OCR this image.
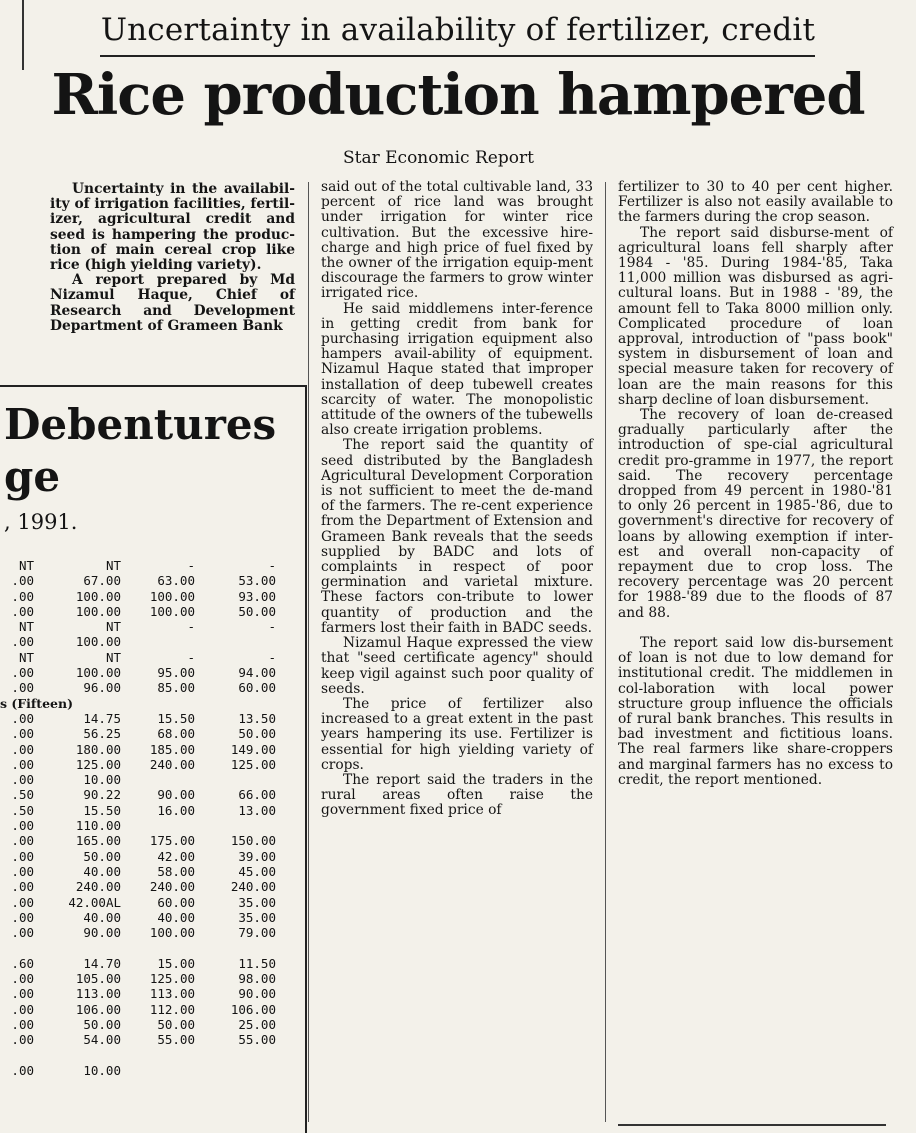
Uncertainty in availability of fertilizer, credit
Rice production hampered
Star Economic Report

Uncertainty in the availabil-ity of irrigation facilities, fertil-izer, agricultural credit and seed is hampering the produc-tion of main cereal crop like rice (high yielding variety).

A report prepared by Md Nizamul Haque, Chief of Research and Development Department of Grameen Bank

said out of the total cultivable land, 33 percent of rice land was brought under irrigation for winter rice cultivation. But the excessive hire-charge and high price of fuel fixed by the owner of the irrigation equip-ment discourage the farmers to grow winter irrigated rice.

He said middlemens inter-ference in getting credit from bank for purchasing irrigation equipment also hampers avail-ability of equipment. Nizamul Haque stated that improper installation of deep tubewell creates scarcity of water. The monopolistic attitude of the owners of the tubewells also create irrigation problems.

The report said the quantity of seed distributed by the Bangladesh Agricultural Development Corporation is not sufficient to meet the de-mand of the farmers. The re-cent experience from the Department of Extension and Grameen Bank reveals that the seeds supplied by BADC and lots of complaints in respect of poor germination and varietal mixture. These factors con-tribute to lower quantity of production and the farmers lost their faith in BADC seeds.

Nizamul Haque expressed the view that "seed certificate agency" should keep vigil against such poor quality of seeds.

The price of fertilizer also increased to a great extent in the past years hampering its use. Fertilizer is essential for high yielding variety of crops.

The report said the traders in the rural areas often raise the government fixed price of

fertilizer to 30 to 40 per cent higher. Fertilizer is also not easily available to the farmers during the crop season.

The report said disburse-ment of agricultural loans fell sharply after 1984 - '85. During 1984-'85, Taka 11,000 million was disbursed as agri-cultural loans. But in 1988 - '89, the amount fell to Taka 8000 million only. Complicated procedure of loan approval, introduction of "pass book" system in disbursement of loan and special measure taken for recovery of loan are the main reasons for this sharp decline of loan disbursement.

The recovery of loan de-creased gradually particularly after the introduction of spe-cial agricultural credit pro-gramme in 1977, the report said. The recovery percentage dropped from 49 percent in 1980-'81 to only 26 percent in 1985-'86, due to government's directive for recovery of loans by allowing exemption if inter-est and overall non-capacity of repayment due to crop loss. The recovery percentage was 20 percent for 1988-'89 due to the floods of 87 and 88.

The report said low dis-bursement of loan is not due to low demand for institutional credit. The middlemen in col-laboration with local power structure group influence the officials of rural bank branches. This results in bad investment and fictitious loans. The real farmers like share-croppers and marginal farmers has no excess to credit, the report mentioned.

Debentures
ge
, 1991.
NT	NT	-	-
.00	67.00	63.00	53.00
.00	100.00	100.00	93.00
.00	100.00	100.00	50.00
NT	NT	-	-
.00	100.00
NT	NT	-	-
.00	100.00	95.00	94.00
.00	96.00	85.00	60.00
s (Fifteen)
.00	14.75	15.50	13.50
.00	56.25	68.00	50.00
.00	180.00	185.00	149.00
.00	125.00	240.00	125.00
.00	10.00
.50	90.22	90.00	66.00
.50	15.50	16.00	13.00
.00	110.00
.00	165.00	175.00	150.00
.00	50.00	42.00	39.00
.00	40.00	58.00	45.00
.00	240.00	240.00	240.00
.00	42.00AL	60.00	35.00
.00	40.00	40.00	35.00
.00	90.00	100.00	79.00
.60	14.70	15.00	11.50
.00	105.00	125.00	98.00
.00	113.00	113.00	90.00
.00	106.00	112.00	106.00
.00	50.00	50.00	25.00
.00	54.00	55.00	55.00
.00	10.00
